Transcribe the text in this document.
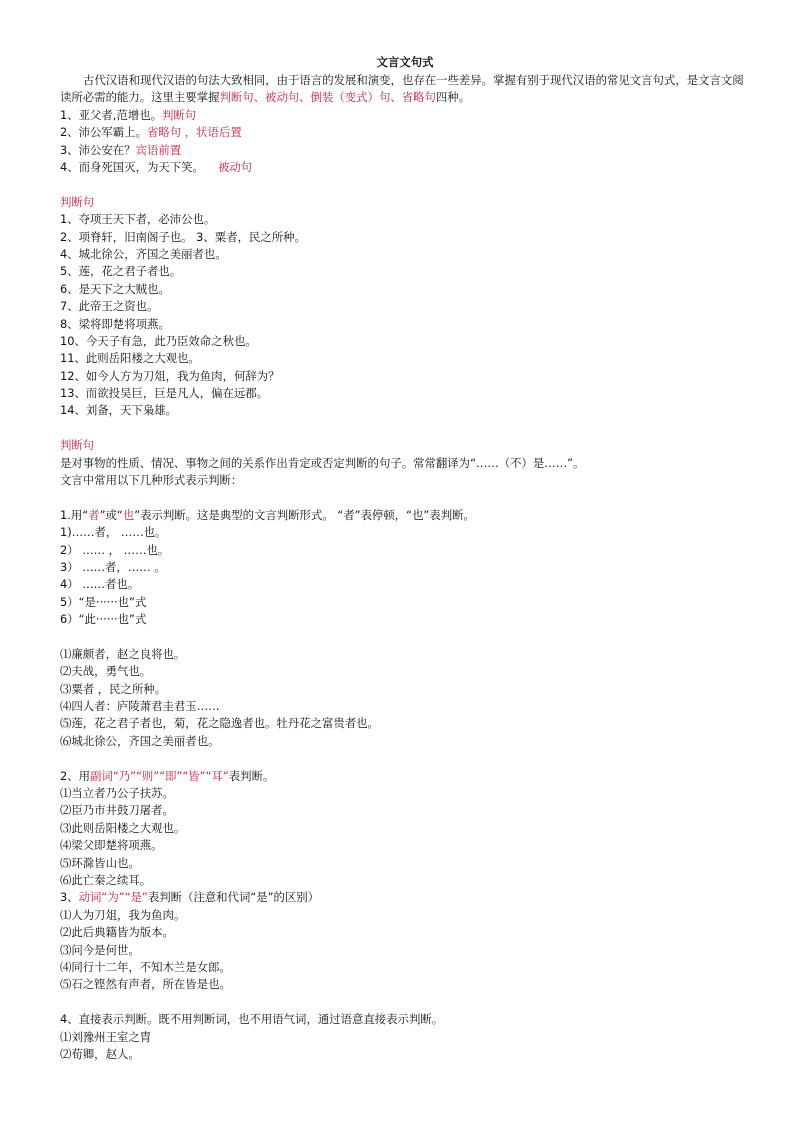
文言文句式
古代汉语和现代汉语的句法大致相同，由于语言的发展和演变，也存在一些差异。掌握有别于现代汉语的常见文言句式，是文言文阅读所必需的能力。这里主要掌握判断句、被动句、倒装（变式）句、省略句四种。
1、亚父者,范增也。判断句
2、沛公军霸上。省略句 ，状语后置
3、沛公安在？宾语前置
4、而身死国灭，为天下笑。 被动句
判断句
1、夺项王天下者，必沛公也。
2、项脊轩，旧南阁子也。 3、粟者，民之所种。
4、城北徐公，齐国之美丽者也。
5、莲，花之君子者也。
6、是天下之大贼也。
7、此帝王之资也。
8、梁将即楚将项燕。
10、今天子有急，此乃臣效命之秋也。
11、此则岳阳楼之大观也。
12、如今人方为刀俎，我为鱼肉，何辞为？
13、而欲投吴巨，巨是凡人，偏在远郡。
14、刘备，天下枭雄。
判断句
是对事物的性质、情况、事物之间的关系作出肯定或否定判断的句子。常常翻译为“……（不）是……”。
文言中常用以下几种形式表示判断：
1.用“者”或“也”表示判断。这是典型的文言判断形式。 “者”表停顿，“也”表判断。
1)……者， ……也。
2） …… ， ……也。
3） ……者，…… 。
4） ……者也。
5）“是······也”式
6）“此······也”式
⑴廉颇者，赵之良将也。
⑵夫战，勇气也。
⑶粟者 ，民之所种。
⑷四人者：庐陵萧君圭君玉……
⑸莲，花之君子者也，菊，花之隐逸者也。牡丹花之富贵者也。
⑹城北徐公，齐国之美丽者也。
2、用副词“乃”“则”“即”“皆”“耳”表判断。
⑴当立者乃公子扶苏。
⑵臣乃市井鼓刀屠者。
⑶此则岳阳楼之大观也。
⑷梁父即楚将项燕。
⑸环滁皆山也。
⑹此亡秦之续耳。
3、动词“为”“是”表判断（注意和代词“是”的区别）
⑴人为刀俎，我为鱼肉。
⑵此后典籍皆为版本。
⑶问今是何世。
⑷同行十二年，不知木兰是女郎。
⑸石之铿然有声者，所在皆是也。
4、直接表示判断。既不用判断词，也不用语气词，通过语意直接表示判断。
⑴刘豫州王室之胄
⑵荀卿，赵人。
